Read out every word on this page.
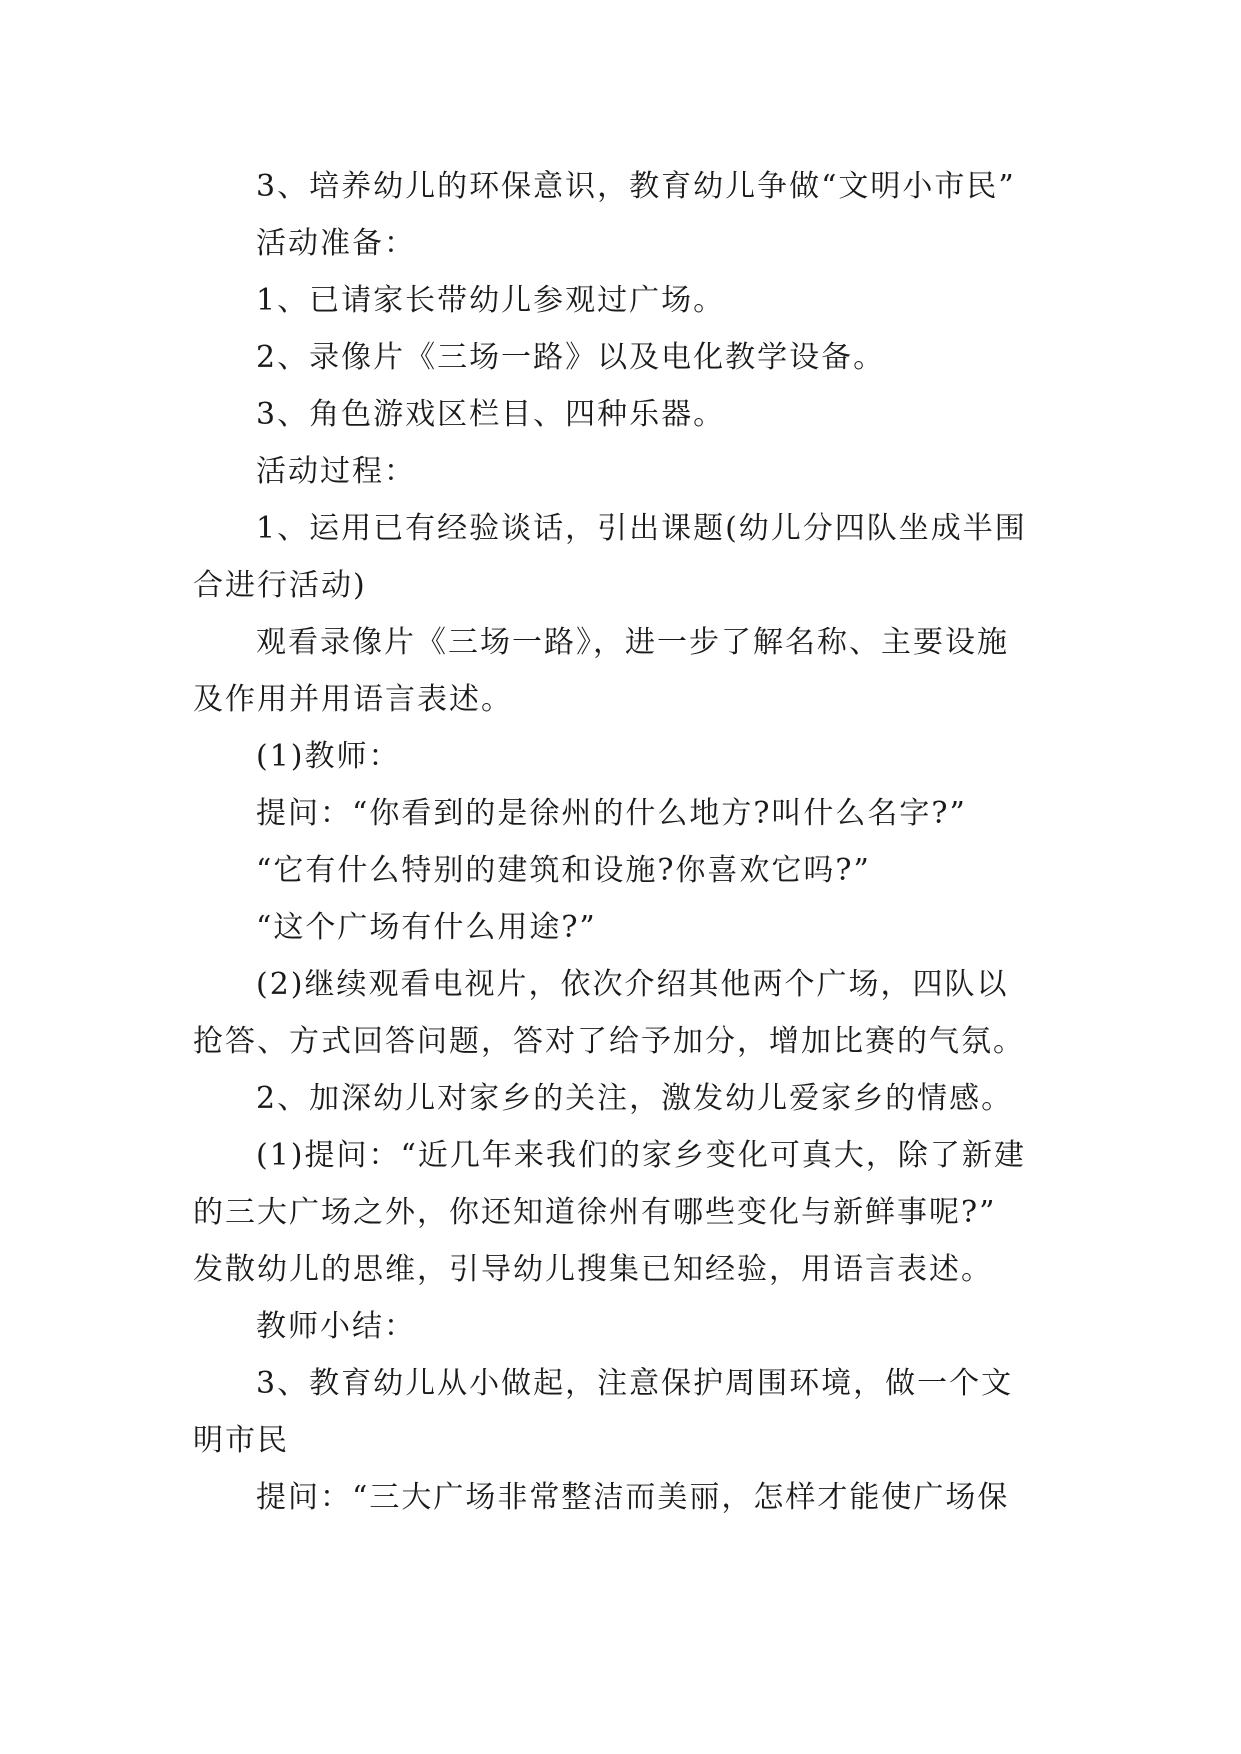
3、培养幼儿的环保意识，教育幼儿争做“文明小市民”
活动准备：
1、已请家长带幼儿参观过广场。
2、录像片《三场一路》以及电化教学设备。
3、角色游戏区栏目、四种乐器。
活动过程：
1、运用已有经验谈话，引出课题(幼儿分四队坐成半围
合进行活动)
观看录像片《三场一路》，进一步了解名称、主要设施
及作用并用语言表述。
(1)教师：
提问：“你看到的是徐州的什么地方?叫什么名字?”
“它有什么特别的建筑和设施?你喜欢它吗?”
“这个广场有什么用途?”
(2)继续观看电视片，依次介绍其他两个广场，四队以
抢答、方式回答问题，答对了给予加分，增加比赛的气氛。
2、加深幼儿对家乡的关注，激发幼儿爱家乡的情感。
(1)提问：“近几年来我们的家乡变化可真大，除了新建
的三大广场之外，你还知道徐州有哪些变化与新鲜事呢?”
发散幼儿的思维，引导幼儿搜集已知经验，用语言表述。
教师小结：
3、教育幼儿从小做起，注意保护周围环境，做一个文
明市民
提问：“三大广场非常整洁而美丽，怎样才能使广场保
